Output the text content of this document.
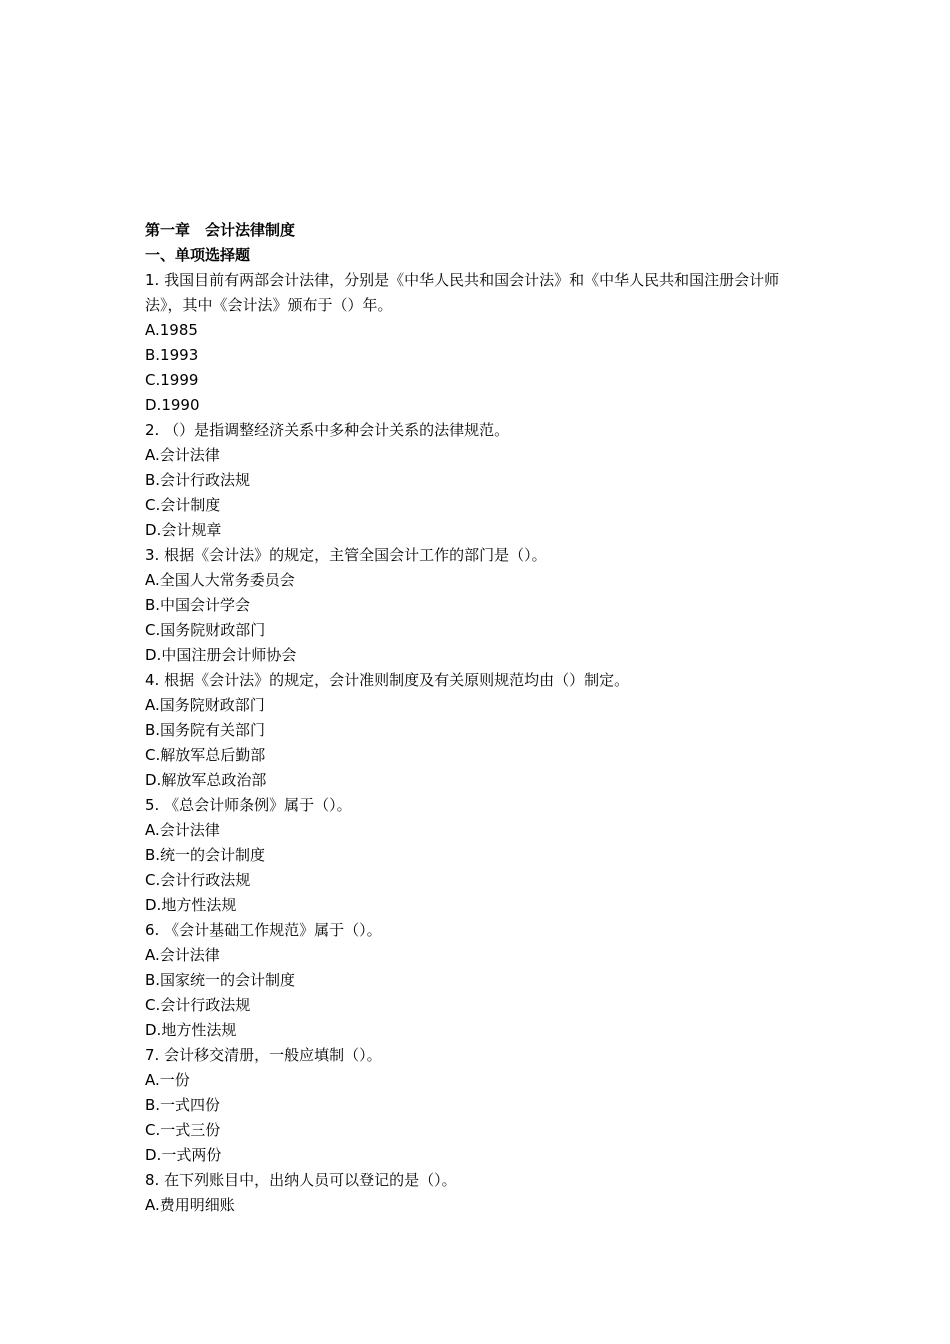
第一章　会计法律制度
一、单项选择题
1. 我国目前有两部会计法律，分别是《中华人民共和国会计法》和《中华人民共和国注册会计师法》，其中《会计法》颁布于（）年。
A.1985
B.1993
C.1999
D.1990
2. （）是指调整经济关系中多种会计关系的法律规范。
A.会计法律
B.会计行政法规
C.会计制度
D.会计规章
3. 根据《会计法》的规定，主管全国会计工作的部门是（）。
A.全国人大常务委员会
B.中国会计学会
C.国务院财政部门
D.中国注册会计师协会
4. 根据《会计法》的规定，会计准则制度及有关原则规范均由（）制定。
A.国务院财政部门
B.国务院有关部门
C.解放军总后勤部
D.解放军总政治部
5. 《总会计师条例》属于（）。
A.会计法律
B.统一的会计制度
C.会计行政法规
D.地方性法规
6. 《会计基础工作规范》属于（）。
A.会计法律
B.国家统一的会计制度
C.会计行政法规
D.地方性法规
7. 会计移交清册，一般应填制（）。
A.一份
B.一式四份
C.一式三份
D.一式两份
8. 在下列账目中，出纳人员可以登记的是（）。
A.费用明细账
